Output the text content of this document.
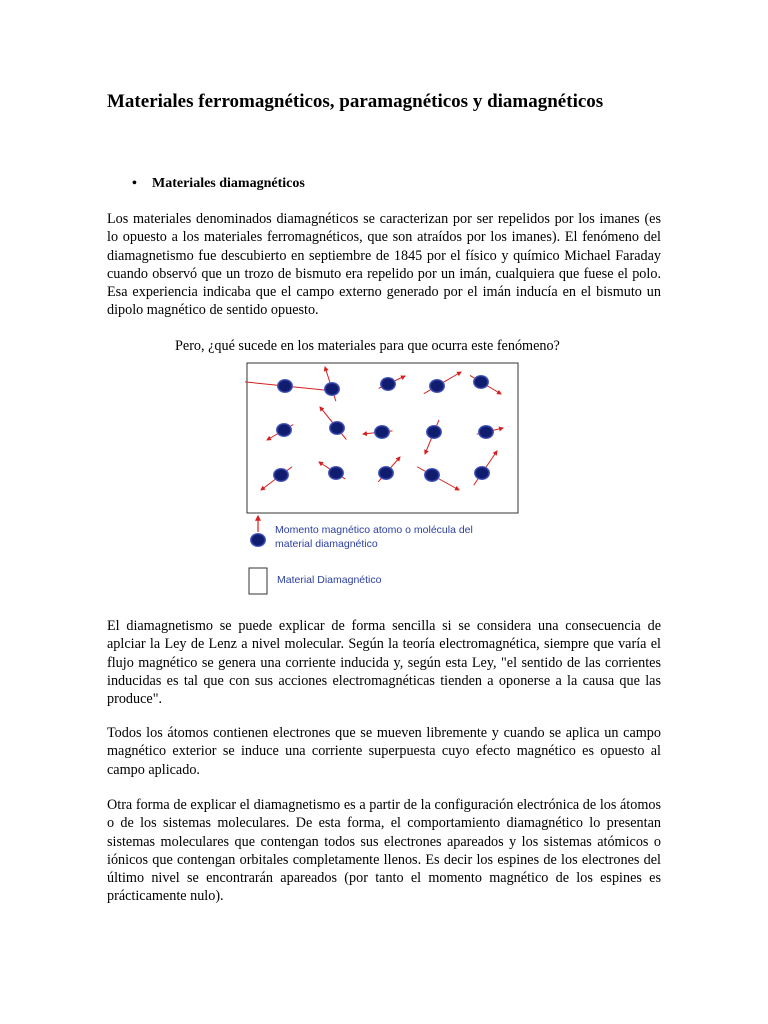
Materiales ferromagnéticos, paramagnéticos y diamagnéticos
•	Materiales diamagnéticos

Los materiales denominados diamagnéticos se caracterizan por ser repelidos por los imanes (es lo opuesto a los materiales ferromagnéticos, que son atraídos por los imanes). El fenómeno del diamagnetismo fue descubierto en septiembre de 1845 por el físico y químico Michael Faraday cuando observó que un trozo de bismuto era repelido por un imán, cualquiera que fuese el polo. Esa experiencia indicaba que el campo externo generado por el imán inducía en el bismuto un dipolo magnético de sentido opuesto.

Pero, ¿qué sucede en los materiales para que ocurra este fenómeno?

Momento magnético atomo o molécula del
material diamagnético
Material Diamagnético

El diamagnetismo se puede explicar de forma sencilla si se considera una consecuencia de aplciar la Ley de Lenz a nivel molecular. Según la teoría electromagnética, siempre que varía el flujo magnético se genera una corriente inducida y, según esta Ley, "el sentido de las corrientes inducidas es tal que con sus acciones electromagnéticas tienden a oponerse a la causa que las produce".

Todos los átomos contienen electrones que se mueven libremente y cuando se aplica un campo magnético exterior se induce una corriente superpuesta cuyo efecto magnético es opuesto al campo aplicado.

Otra forma de explicar el diamagnetismo es a partir de la configuración electrónica de los átomos o de los sistemas moleculares. De esta forma, el comportamiento diamagnético lo presentan sistemas moleculares que contengan todos sus electrones apareados y los sistemas atómicos o iónicos que contengan orbitales completamente llenos. Es decir los espines de los electrones del último nivel se encontrarán apareados (por tanto el momento magnético de los espines es prácticamente nulo).
